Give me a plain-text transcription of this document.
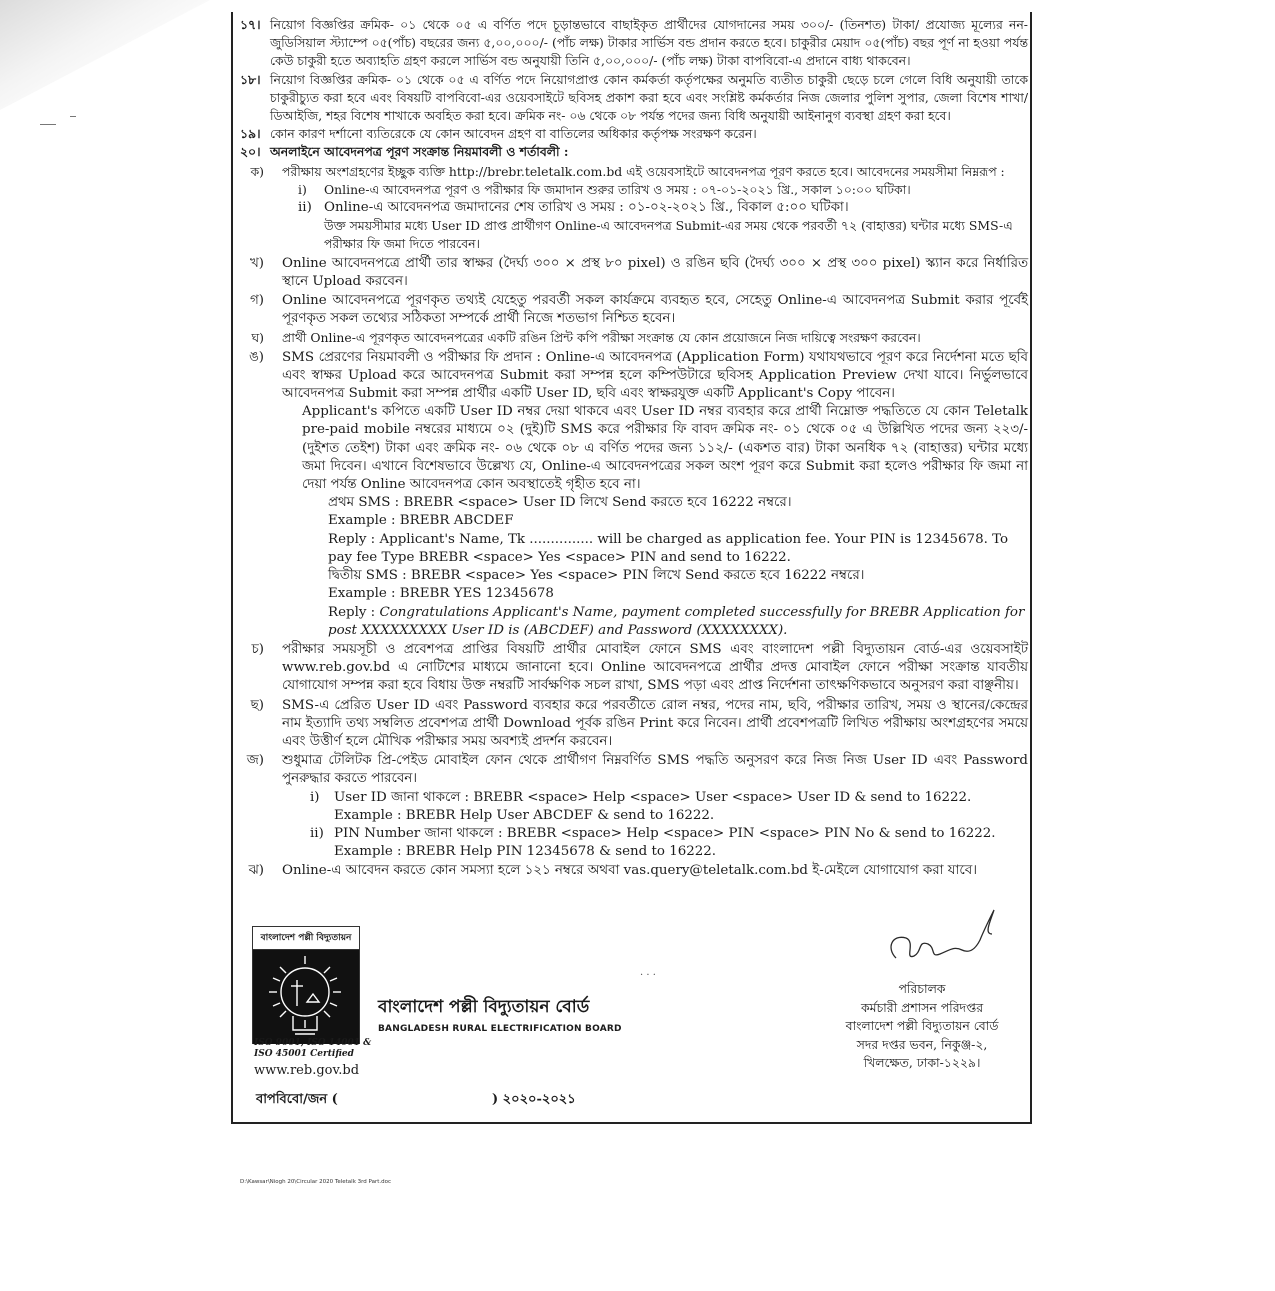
১৭। নিয়োগ বিজ্ঞপ্তির ক্রমিক- ০১ থেকে ০৫ এ বর্ণিত পদে চূড়ান্তভাবে বাছাইকৃত প্রার্থীদের যোগদানের সময় ৩০০/- (তিনশত) টাকা/ প্রযোজ্য মূল্যের নন-জুডিসিয়াল স্ট্যাম্পে ০৫(পাঁচ) বছরের জন্য ৫,০০,০০০/- (পাঁচ লক্ষ) টাকার সার্ভিস বন্ড প্রদান করতে হবে। চাকুরীর মেয়াদ ০৫(পাঁচ) বছর পূর্ণ না হওয়া পর্যন্ত কেউ চাকুরী হতে অব্যাহতি গ্রহণ করলে সার্ভিস বন্ড অনুযায়ী তিনি ৫,০০,০০০/- (পাঁচ লক্ষ) টাকা বাপবিবো-এ প্রদানে বাধ্য থাকবেন।
১৮। নিয়োগ বিজ্ঞপ্তির ক্রমিক- ০১ থেকে ০৫ এ বর্ণিত পদে নিয়োগপ্রাপ্ত কোন কর্মকর্তা কর্তৃপক্ষের অনুমতি ব্যতীত চাকুরী ছেড়ে চলে গেলে বিধি অনুযায়ী তাকে চাকুরীচ্যুত করা হবে এবং বিষয়টি বাপবিবো-এর ওয়েবসাইটে ছবিসহ প্রকাশ করা হবে এবং সংশ্লিষ্ট কর্মকর্তার নিজ জেলার পুলিশ সুপার, জেলা বিশেষ শাখা/ ডিআইজি, শহর বিশেষ শাখাকে অবহিত করা হবে। ক্রমিক নং- ০৬ থেকে ০৮ পর্যন্ত পদের জন্য বিধি অনুযায়ী আইনানুগ ব্যবস্থা গ্রহণ করা হবে।
১৯। কোন কারণ দর্শানো ব্যতিরেকে যে কোন আবেদন গ্রহণ বা বাতিলের অধিকার কর্তৃপক্ষ সংরক্ষণ করেন।
২০। অনলাইনে আবেদনপত্র পূরণ সংক্রান্ত নিয়মাবলী ও শর্তাবলী :
ক)	পরীক্ষায় অংশগ্রহণের ইচ্ছুক ব্যক্তি http://brebr.teletalk.com.bd এই ওয়েবসাইটে আবেদনপত্র পূরণ করতে হবে। আবেদনের সময়সীমা নিম্নরূপ :
i)	Online-এ আবেদনপত্র পূরণ ও পরীক্ষার ফি জমাদান শুরুর তারিখ ও সময় : ০৭-০১-২০২১ খ্রি., সকাল ১০:০০ ঘটিকা।
ii) Online-এ আবেদনপত্র জমাদানের শেষ তারিখ ও সময় : ০১-০২-২০২১ খ্রি., বিকাল ৫:০০ ঘটিকা।
উক্ত সময়সীমার মধ্যে User ID প্রাপ্ত প্রার্থীগণ Online-এ আবেদনপত্র Submit-এর সময় থেকে পরবর্তী ৭২ (বাহাত্তর) ঘন্টার মধ্যে SMS-এ পরীক্ষার ফি জমা দিতে পারবেন।
খ)	Online আবেদনপত্রে প্রার্থী তার স্বাক্ষর (দৈর্ঘ্য ৩০০ × প্রস্থ ৮০ pixel) ও রঙিন ছবি (দৈর্ঘ্য ৩০০ × প্রস্থ ৩০০ pixel) স্ক্যান করে নির্ধারিত স্থানে Upload করবেন।
গ)	Online আবেদনপত্রে পূরণকৃত তথ্যই যেহেতু পরবর্তী সকল কার্যক্রমে ব্যবহৃত হবে, সেহেতু Online-এ আবেদনপত্র Submit করার পূর্বেই পূরণকৃত সকল তথ্যের সঠিকতা সম্পর্কে প্রার্থী নিজে শতভাগ নিশ্চিত হবেন।
ঘ)	প্রার্থী Online-এ পূরণকৃত আবেদনপত্রের একটি রঙিন প্রিন্ট কপি পরীক্ষা সংক্রান্ত যে কোন প্রয়োজনে নিজ দায়িত্বে সংরক্ষণ করবেন।
ঙ)	SMS প্রেরণের নিয়মাবলী ও পরীক্ষার ফি প্রদান : Online-এ আবেদনপত্র (Application Form) যথাযথভাবে পূরণ করে নির্দেশনা মতে ছবি এবং স্বাক্ষর Upload করে আবেদনপত্র Submit করা সম্পন্ন হলে কম্পিউটারে ছবিসহ Application Preview দেখা যাবে। নির্ভুলভাবে আবেদনপত্র Submit করা সম্পন্ন প্রার্থীর একটি User ID, ছবি এবং স্বাক্ষরযুক্ত একটি Applicant's Copy পাবেন।
Applicant's কপিতে একটি User ID নম্বর দেয়া থাকবে এবং User ID নম্বর ব্যবহার করে প্রার্থী নিম্নোক্ত পদ্ধতিতে যে কোন Teletalk pre-paid mobile নম্বরের মাধ্যমে ০২ (দুই)টি SMS করে পরীক্ষার ফি বাবদ ক্রমিক নং- ০১ থেকে ০৫ এ উল্লিখিত পদের জন্য ২২৩/- (দুইশত তেইশ) টাকা এবং ক্রমিক নং- ০৬ থেকে ০৮ এ বর্ণিত পদের জন্য ১১২/- (একশত বার) টাকা অনধিক ৭২ (বাহাত্তর) ঘন্টার মধ্যে জমা দিবেন। এখানে বিশেষভাবে উল্লেখ্য যে, Online-এ আবেদনপত্রের সকল অংশ পূরণ করে Submit করা হলেও পরীক্ষার ফি জমা না দেয়া পর্যন্ত Online আবেদনপত্র কোন অবস্থাতেই গৃহীত হবে না।
প্রথম SMS : BREBR <space> User ID লিখে Send করতে হবে 16222 নম্বরে।
Example : BREBR ABCDEF
Reply : Applicant's Name, Tk ............... will be charged as application fee. Your PIN is 12345678. To pay fee Type BREBR <space> Yes <space> PIN and send to 16222.
দ্বিতীয় SMS : BREBR <space> Yes <space> PIN লিখে Send করতে হবে 16222 নম্বরে।
Example : BREBR YES 12345678
Reply : Congratulations Applicant's Name, payment completed successfully for BREBR Application for post XXXXXXXXX User ID is (ABCDEF) and Password (XXXXXXXX).
চ)	পরীক্ষার সময়সূচী ও প্রবেশপত্র প্রাপ্তির বিষয়টি প্রার্থীর মোবাইল ফোনে SMS এবং বাংলাদেশ পল্লী বিদ্যুতায়ন বোর্ড-এর ওয়েবসাইট www.reb.gov.bd এ নোটিশের মাধ্যমে জানানো হবে। Online আবেদনপত্রে প্রার্থীর প্রদত্ত মোবাইল ফোনে পরীক্ষা সংক্রান্ত যাবতীয় যোগাযোগ সম্পন্ন করা হবে বিধায় উক্ত নম্বরটি সার্বক্ষণিক সচল রাখা, SMS পড়া এবং প্রাপ্ত নির্দেশনা তাৎক্ষণিকভাবে অনুসরণ করা বাঞ্ছনীয়।
ছ)	SMS-এ প্রেরিত User ID এবং Password ব্যবহার করে পরবর্তীতে রোল নম্বর, পদের নাম, ছবি, পরীক্ষার তারিখ, সময় ও স্থানের/কেন্দ্রের নাম ইত্যাদি তথ্য সম্বলিত প্রবেশপত্র প্রার্থী Download পূর্বক রঙিন Print করে নিবেন। প্রার্থী প্রবেশপত্রটি লিখিত পরীক্ষায় অংশগ্রহণের সময়ে এবং উত্তীর্ণ হলে মৌখিক পরীক্ষার সময় অবশ্যই প্রদর্শন করবেন।
জ)	শুধুমাত্র টেলিটক প্রি-পেইড মোবাইল ফোন থেকে প্রার্থীগণ নিম্নবর্ণিত SMS পদ্ধতি অনুসরণ করে নিজ নিজ User ID এবং Password পুনরুদ্ধার করতে পারবেন।
i)	User ID জানা থাকলে : BREBR <space> Help <space> User <space> User ID & send to 16222.
Example : BREBR Help User ABCDEF & send to 16222.
ii) PIN Number জানা থাকলে : BREBR <space> Help <space> PIN <space> PIN No & send to 16222.
Example : BREBR Help PIN 12345678 & send to 16222.
ঝ)	Online-এ আবেদন করতে কোন সমস্যা হলে ১২১ নম্বরে অথবা vas.query@teletalk.com.bd ই-মেইলে যোগাযোগ করা যাবে।
বাংলাদেশ পল্লী বিদ্যুতায়ন
ISO 9001, ISO 14001 &
ISO 45001 Certified
www.reb.gov.bd
বাংলাদেশ পল্লী বিদ্যুতায়ন বোর্ড
BANGLADESH RURAL ELECTRIFICATION BOARD
· · ·
পরিচালক
কর্মচারী প্রশাসন পরিদপ্তর
বাংলাদেশ পল্লী বিদ্যুতায়ন বোর্ড
সদর দপ্তর ভবন, নিকুঞ্জ-২,
খিলক্ষেত, ঢাকা-১২২৯।
বাপবিবো/জন (	) ২০২০-২০২১
D:\Kawsar\Niogh 20\Circular 2020 Teletalk 3rd Part.doc
